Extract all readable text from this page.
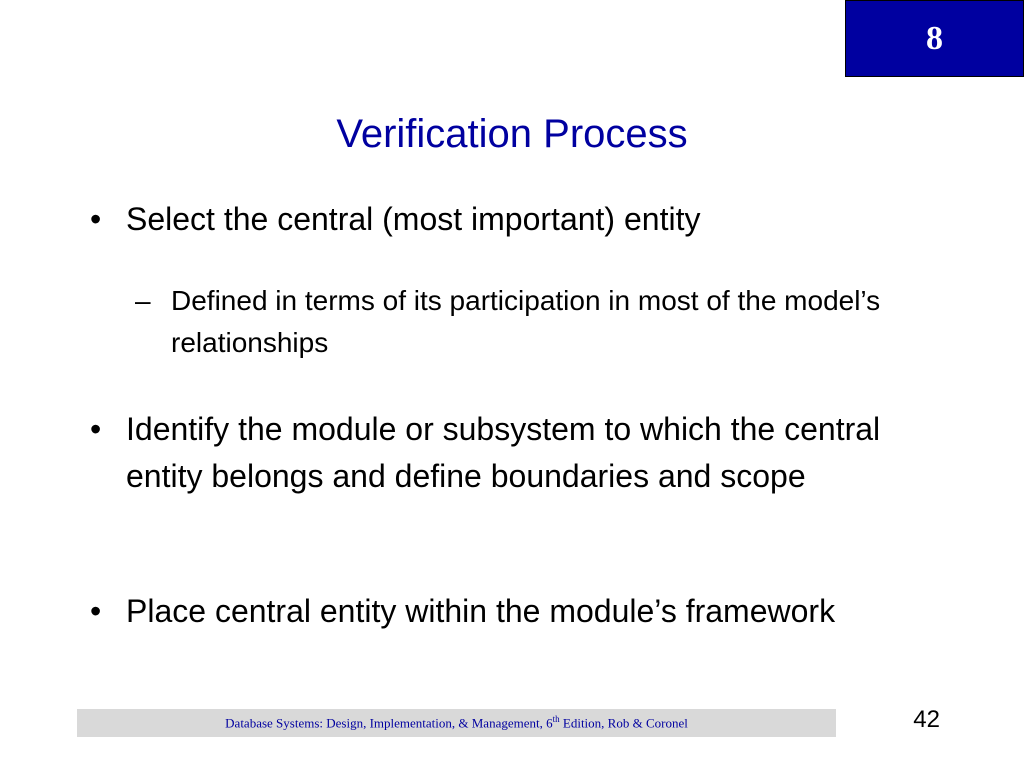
8
Verification Process
• Select the central (most important) entity
– Defined in terms of its participation in most of the model’s relationships
• Identify the module or subsystem to which the central entity belongs and define boundaries and scope
• Place central entity within the module’s framework
Database Systems: Design, Implementation, & Management, 6th Edition, Rob & Coronel	42
